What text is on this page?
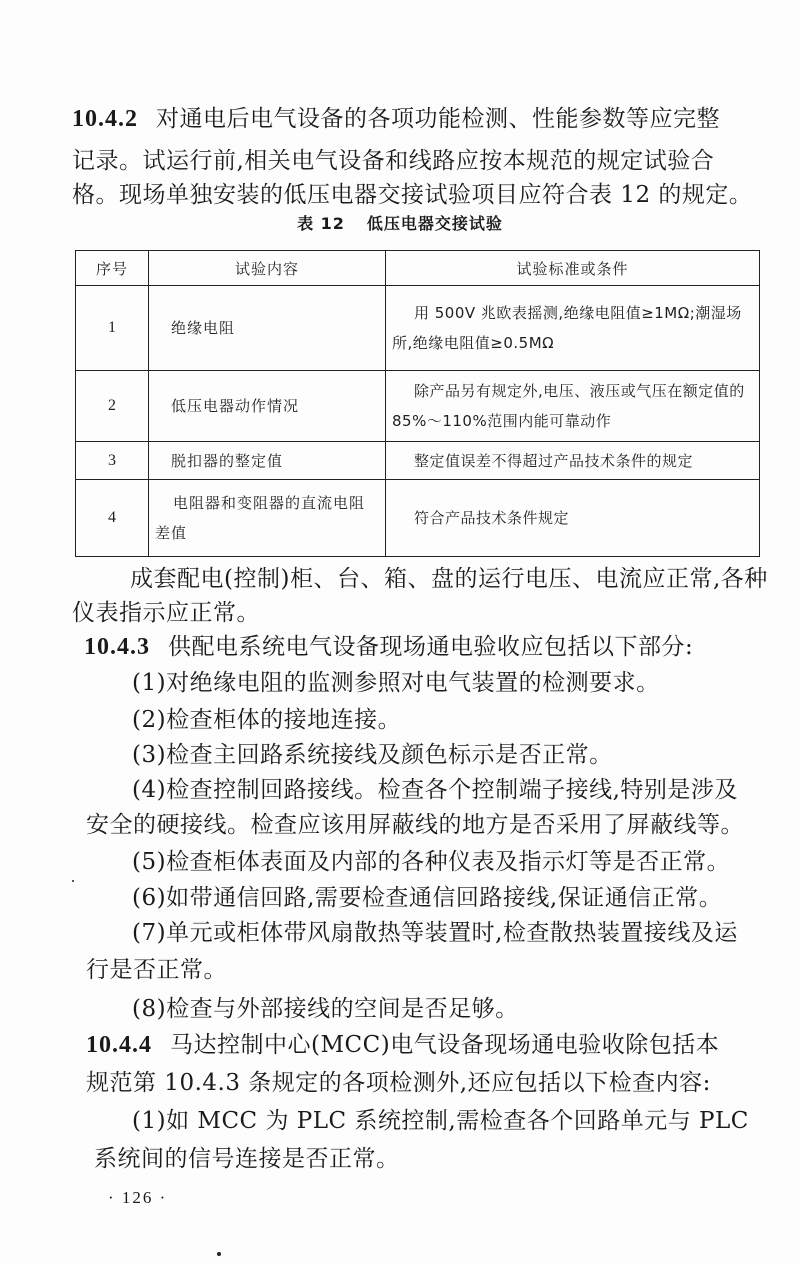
10.4.2 对通电后电气设备的各项功能检测、性能参数等应完整
记录。试运行前,相关电气设备和线路应按本规范的规定试验合
格。现场单独安装的低压电器交接试验项目应符合表 12 的规定。
表 12 低压电器交接试验
序号	试验内容	试验标准或条件
1	绝缘电阻	用 500V 兆欧表摇测,绝缘电阻值≥1MΩ;潮湿场所,绝缘电阻值≥0.5MΩ
2	低压电器动作情况	除产品另有规定外,电压、液压或气压在额定值的 85%～110%范围内能可靠动作
3	脱扣器的整定值	整定值误差不得超过产品技术条件的规定
4	电阻器和变阻器的直流电阻差值	符合产品技术条件规定
成套配电(控制)柜、台、箱、盘的运行电压、电流应正常,各种
仪表指示应正常。
10.4.3 供配电系统电气设备现场通电验收应包括以下部分:
(1)对绝缘电阻的监测参照对电气装置的检测要求。
(2)检查柜体的接地连接。
(3)检查主回路系统接线及颜色标示是否正常。
(4)检查控制回路接线。检查各个控制端子接线,特别是涉及
安全的硬接线。检查应该用屏蔽线的地方是否采用了屏蔽线等。
(5)检查柜体表面及内部的各种仪表及指示灯等是否正常。
(6)如带通信回路,需要检查通信回路接线,保证通信正常。
(7)单元或柜体带风扇散热等装置时,检查散热装置接线及运
行是否正常。
(8)检查与外部接线的空间是否足够。
10.4.4 马达控制中心(MCC)电气设备现场通电验收除包括本
规范第 10.4.3 条规定的各项检测外,还应包括以下检查内容:
(1)如 MCC 为 PLC 系统控制,需检查各个回路单元与 PLC
系统间的信号连接是否正常。
· 126 ·
